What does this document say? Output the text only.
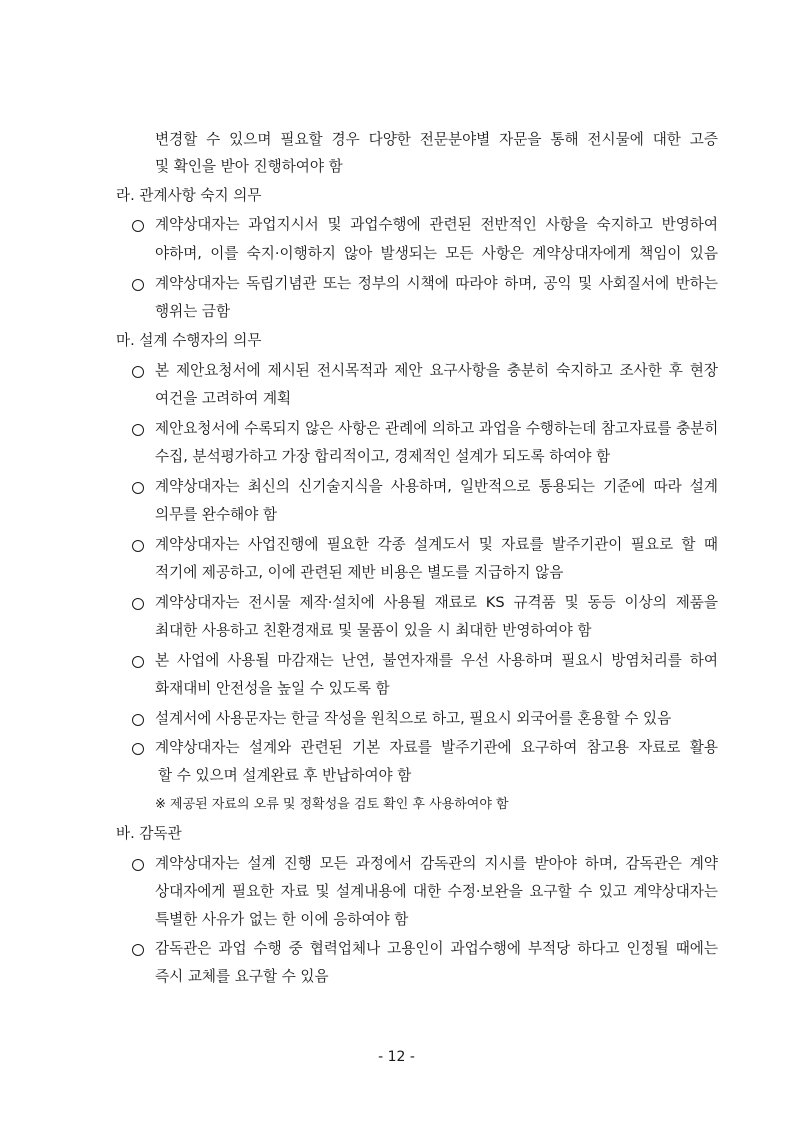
변경할 수 있으며 필요할 경우 다양한 전문분야별 자문을 통해 전시물에 대한 고증
및 확인을 받아 진행하여야 함
라. 관계사항 숙지 의무
계약상대자는 과업지시서 및 과업수행에 관련된 전반적인 사항을 숙지하고 반영하여
야하며, 이를 숙지·이행하지 않아 발생되는 모든 사항은 계약상대자에게 책임이 있음
계약상대자는 독립기념관 또는 정부의 시책에 따라야 하며, 공익 및 사회질서에 반하는
행위는 금함
마. 설계 수행자의 의무
본 제안요청서에 제시된 전시목적과 제안 요구사항을 충분히 숙지하고 조사한 후 현장
여건을 고려하여 계획
제안요청서에 수록되지 않은 사항은 관례에 의하고 과업을 수행하는데 참고자료를 충분히
수집, 분석평가하고 가장 합리적이고, 경제적인 설계가 되도록 하여야 함
계약상대자는 최신의 신기술지식을 사용하며, 일반적으로 통용되는 기준에 따라 설계
의무를 완수해야 함
계약상대자는 사업진행에 필요한 각종 설계도서 및 자료를 발주기관이 필요로 할 때
적기에 제공하고, 이에 관련된 제반 비용은 별도를 지급하지 않음
계약상대자는 전시물 제작·설치에 사용될 재료로 KS 규격품 및 동등 이상의 제품을
최대한 사용하고 친환경재료 및 물품이 있을 시 최대한 반영하여야 함
본 사업에 사용될 마감재는 난연, 불연자재를 우선 사용하며 필요시 방염처리를 하여
화재대비 안전성을 높일 수 있도록 함
설계서에 사용문자는 한글 작성을 원칙으로 하고, 필요시 외국어를 혼용할 수 있음
계약상대자는 설계와 관련된 기본 자료를 발주기관에 요구하여 참고용 자료로 활용
할 수 있으며 설계완료 후 반납하여야 함
※ 제공된 자료의 오류 및 정확성을 검토 확인 후 사용하여야 함
바. 감독관
계약상대자는 설계 진행 모든 과정에서 감독관의 지시를 받아야 하며, 감독관은 계약
상대자에게 필요한 자료 및 설계내용에 대한 수정·보완을 요구할 수 있고 계약상대자는
특별한 사유가 없는 한 이에 응하여야 함
감독관은 과업 수행 중 협력업체나 고용인이 과업수행에 부적당 하다고 인정될 때에는
즉시 교체를 요구할 수 있음
- 12 -
